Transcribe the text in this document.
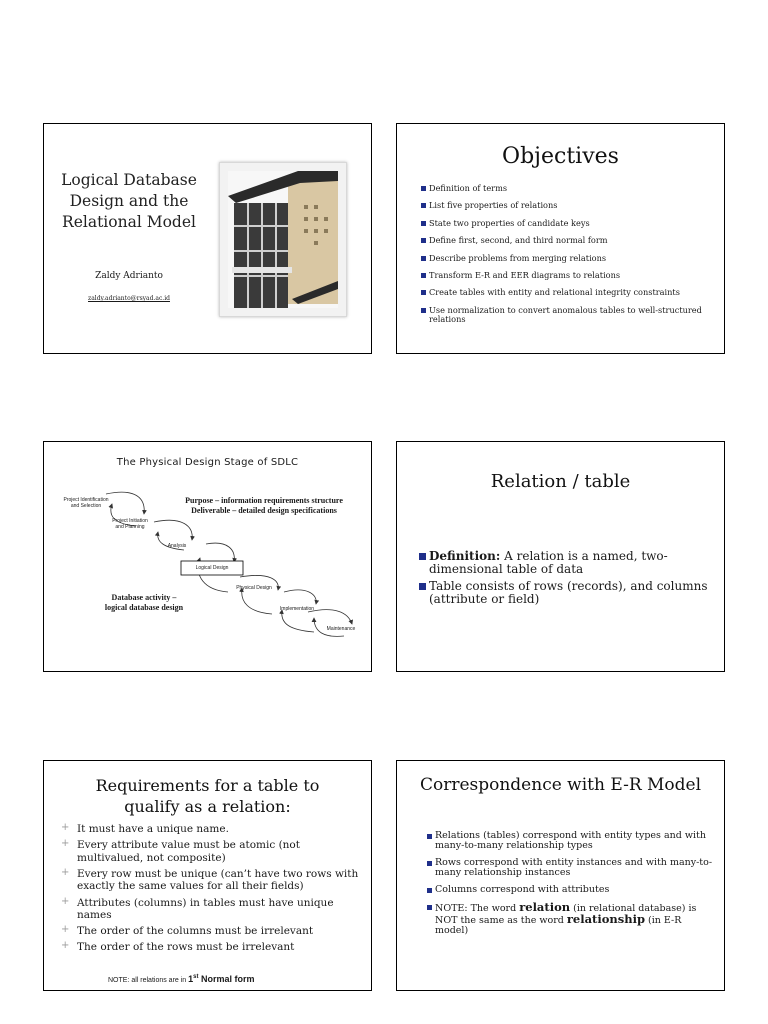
Logical Database
Design and the
Relational Model
Zaldy Adrianto
zaldy.adrianto@rsyad.ac.id
Objectives
Definition of terms
List five properties of relations
State two properties of candidate keys
Define first, second, and third normal form
Describe problems from merging relations
Transform E-R and EER diagrams to relations
Create tables with entity and relational integrity constraints
Use normalization to convert anomalous tables to well-structured relations
The Physical Design Stage of SDLC
Project Identification
and Selection
Project Initiation
and Planning
Analysis
Logical Design
Physical Design
Implementation
Maintenance
Purpose – information requirements structure
Deliverable – detailed design specifications
Database activity –
logical database design
Relation / table
Definition: A relation is a named, two-dimensional table of data
Table consists of rows (records), and columns (attribute or field)
Requirements for a table to
qualify as a relation:
+ It must have a unique name.
+ Every attribute value must be atomic (not multivalued, not composite)
+ Every row must be unique (can’t have two rows with exactly the same values for all their fields)
+ Attributes (columns) in tables must have unique names
+ The order of the columns must be irrelevant
+ The order of the rows must be irrelevant
NOTE: all relations are in 1st Normal form
Correspondence with E-R Model
Relations (tables) correspond with entity types and with many-to-many relationship types
Rows correspond with entity instances and with many-to-many relationship instances
Columns correspond with attributes
NOTE: The word relation (in relational database) is NOT the same as the word relationship (in E-R model)
